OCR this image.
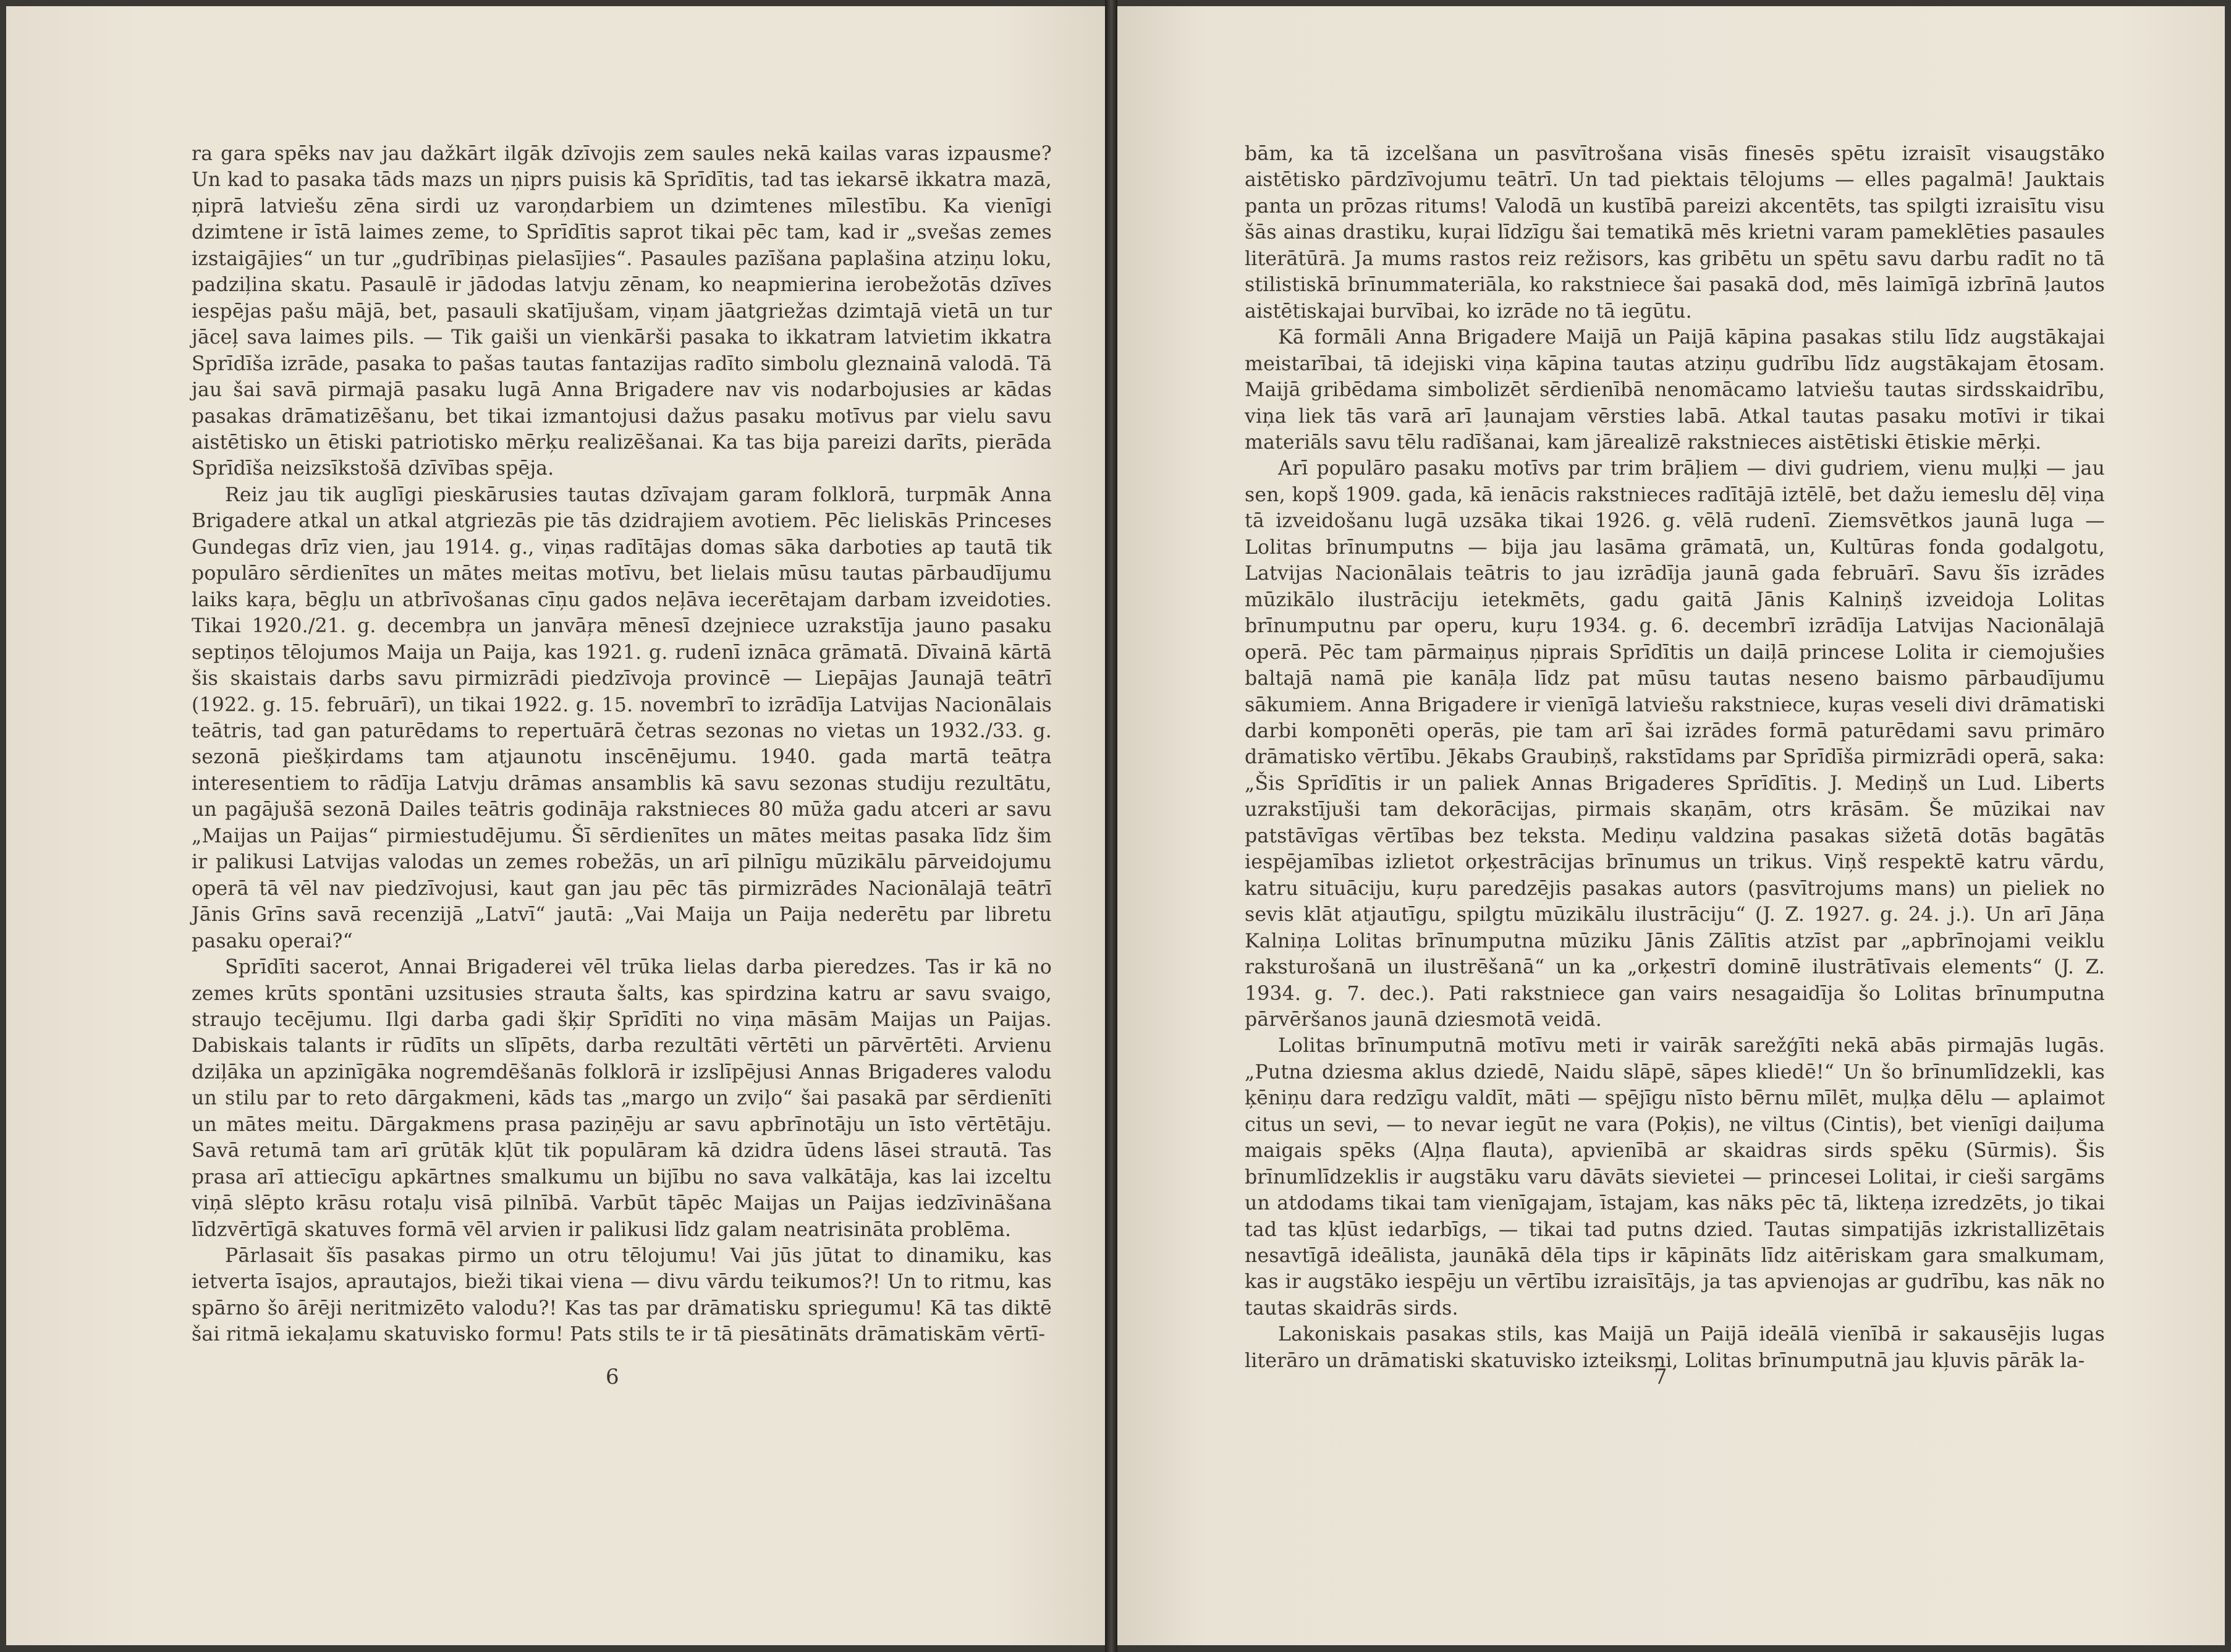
ra gara spēks nav jau dažkārt ilgāk dzīvojis zem saules nekā kailas varas izpausme? Un kad to pasaka tāds mazs un ņiprs puisis kā Sprīdītis, tad tas iekarsē ikkatra mazā, ņiprā latviešu zēna sirdi uz varoņdarbiem un dzimtenes mīlestību. Ka vienīgi dzimtene ir īstā laimes zeme, to Sprīdītis saprot tikai pēc tam, kad ir „svešas zemes izstaigājies“ un tur „gudrībiņas pielasījies“. Pasaules pazīšana paplašina atziņu loku, padziļina skatu. Pasaulē ir jādodas latvju zēnam, ko neapmierina ierobežotās dzīves iespējas pašu mājā, bet, pasauli skatījušam, viņam jāatgriežas dzimtajā vietā un tur jāceļ sava laimes pils. — Tik gaiši un vienkārši pasaka to ikkatram latvietim ikkatra Sprīdīša izrāde, pasaka to pašas tautas fantazijas radīto simbolu gleznainā valodā. Tā jau šai savā pirmajā pasaku lugā Anna Brigadere nav vis nodarbojusies ar kādas pasakas drāmatizēšanu, bet tikai izmantojusi dažus pasaku motīvus par vielu savu aistētisko un ētiski patriotisko mērķu realizēšanai. Ka tas bija pareizi darīts, pierāda Sprīdīša neizsīkstošā dzīvības spēja.

Reiz jau tik auglīgi pieskārusies tautas dzīvajam garam folklorā, turpmāk Anna Brigadere atkal un atkal atgriezās pie tās dzidrajiem avotiem. Pēc lieliskās Princeses Gundegas drīz vien, jau 1914. g., viņas radītājas domas sāka darboties ap tautā tik populāro sērdienītes un mātes meitas motīvu, bet lielais mūsu tautas pārbaudījumu laiks kaŗa, bēgļu un atbrīvošanas cīņu gados neļāva iecerētajam darbam izveidoties. Tikai 1920./21. g. decembŗa un janvāŗa mēnesī dzejniece uzrakstīja jauno pasaku septiņos tēlojumos Maija un Paija, kas 1921. g. rudenī iznāca grāmatā. Dīvainā kārtā šis skaistais darbs savu pirmizrādi piedzīvoja provincē — Liepājas Jaunajā teātrī (1922. g. 15. februārī), un tikai 1922. g. 15. novembrī to izrādīja Latvijas Nacionālais teātris, tad gan paturēdams to repertuārā četras sezonas no vietas un 1932./33. g. sezonā piešķirdams tam atjaunotu inscēnējumu. 1940. gada martā teātŗa interesentiem to rādīja Latvju drāmas ansamblis kā savu sezonas studiju rezultātu, un pagājušā sezonā Dailes teātris godināja rakstnieces 80 mūža gadu atceri ar savu „Maijas un Paijas“ pirmiestudējumu. Šī sērdienītes un mātes meitas pasaka līdz šim ir palikusi Latvijas valodas un zemes robežās, un arī pilnīgu mūzikālu pārveidojumu operā tā vēl nav piedzīvojusi, kaut gan jau pēc tās pirmizrādes Nacionālajā teātrī Jānis Grīns savā recenzijā „Latvī“ jautā: „Vai Maija un Paija nederētu par libretu pasaku operai?“

Sprīdīti sacerot, Annai Brigaderei vēl trūka lielas darba pieredzes. Tas ir kā no zemes krūts spontāni uzsitusies strauta šalts, kas spirdzina katru ar savu svaigo, straujo tecējumu. Ilgi darba gadi šķiŗ Sprīdīti no viņa māsām Maijas un Paijas. Dabiskais talants ir rūdīts un slīpēts, darba rezultāti vērtēti un pārvērtēti. Arvienu dziļāka un apzinīgāka nogremdēšanās folklorā ir izslīpējusi Annas Brigaderes valodu un stilu par to reto dārgakmeni, kāds tas „margo un zviļo“ šai pasakā par sērdienīti un mātes meitu. Dārgakmens prasa paziņēju ar savu apbrīnotāju un īsto vērtētāju. Savā retumā tam arī grūtāk kļūt tik populāram kā dzidra ūdens lāsei strautā. Tas prasa arī attiecīgu apkārtnes smalkumu un bijību no sava valkātāja, kas lai izceltu viņā slēpto krāsu rotaļu visā pilnībā. Varbūt tāpēc Maijas un Paijas iedzīvināšana līdzvērtīgā skatuves formā vēl arvien ir palikusi līdz galam neatrisināta problēma.

Pārlasait šīs pasakas pirmo un otru tēlojumu! Vai jūs jūtat to dinamiku, kas ietverta īsajos, aprautajos, bieži tikai viena — divu vārdu teikumos?! Un to ritmu, kas spārno šo ārēji neritmizēto valodu?! Kas tas par drāmatisku spriegumu! Kā tas diktē šai ritmā iekaļamu skatuvisko formu! Pats stils te ir tā piesātināts drāmatiskām vērtī-

6

bām, ka tā izcelšana un pasvītrošana visās finesēs spētu izraisīt visaugstāko aistētisko pārdzīvojumu teātrī. Un tad piektais tēlojums — elles pagalmā! Jauktais panta un prōzas ritums! Valodā un kustībā pareizi akcentēts, tas spilgti izraisītu visu šās ainas drastiku, kuŗai līdzīgu šai tematikā mēs krietni varam pameklēties pasaules literātūrā. Ja mums rastos reiz režisors, kas gribētu un spētu savu darbu radīt no tā stilistiskā brīnummateriāla, ko rakstniece šai pasakā dod, mēs laimīgā izbrīnā ļautos aistētiskajai burvībai, ko izrāde no tā iegūtu.

Kā formāli Anna Brigadere Maijā un Paijā kāpina pasakas stilu līdz augstākajai meistarībai, tā idejiski viņa kāpina tautas atziņu gudrību līdz augstākajam ētosam. Maijā gribēdama simbolizēt sērdienībā nenomācamo latviešu tautas sirdsskaidrību, viņa liek tās varā arī ļaunajam vērsties labā. Atkal tautas pasaku motīvi ir tikai materiāls savu tēlu radīšanai, kam jārealizē rakstnieces aistētiski ētiskie mērķi.

Arī populāro pasaku motīvs par trim brāļiem — divi gudriem, vienu muļķi — jau sen, kopš 1909. gada, kā ienācis rakstnieces radītājā iztēlē, bet dažu iemeslu dēļ viņa tā izveidošanu lugā uzsāka tikai 1926. g. vēlā rudenī. Ziemsvētkos jaunā luga — Lolitas brīnumputns — bija jau lasāma grāmatā, un, Kultūras fonda godalgotu, Latvijas Nacionālais teātris to jau izrādīja jaunā gada februārī. Savu šīs izrādes mūzikālo ilustrāciju ietekmēts, gadu gaitā Jānis Kalniņš izveidoja Lolitas brīnumputnu par operu, kuŗu 1934. g. 6. decembrī izrādīja Latvijas Nacionālajā operā. Pēc tam pārmaiņus ņiprais Sprīdītis un daiļā princese Lolita ir ciemojušies baltajā namā pie kanāļa līdz pat mūsu tautas neseno baismo pārbaudījumu sākumiem. Anna Brigadere ir vienīgā latviešu rakstniece, kuŗas veseli divi drāmatiski darbi komponēti operās, pie tam arī šai izrādes formā paturēdami savu primāro drāmatisko vērtību. Jēkabs Graubiņš, rakstīdams par Sprīdīša pirmizrādi operā, saka: „Šis Sprīdītis ir un paliek Annas Brigaderes Sprīdītis. J. Mediņš un Lud. Liberts uzrakstījuši tam dekorācijas, pirmais skaņām, otrs krāsām. Še mūzikai nav patstāvīgas vērtības bez teksta. Mediņu valdzina pasakas sižetā dotās bagātās iespējamības izlietot orķestrācijas brīnumus un trikus. Viņš respektē katru vārdu, katru situāciju, kuŗu paredzējis pasakas autors (pasvītrojums mans) un pieliek no sevis klāt atjautīgu, spilgtu mūzikālu ilustrāciju“ (J. Z. 1927. g. 24. j.). Un arī Jāņa Kalniņa Lolitas brīnumputna mūziku Jānis Zālītis atzīst par „apbrīnojami veiklu raksturošanā un ilustrēšanā“ un ka „orķestrī dominē ilustrātīvais elements“ (J. Z. 1934. g. 7. dec.). Pati rakstniece gan vairs nesagaidīja šo Lolitas brīnumputna pārvēršanos jaunā dziesmotā veidā.

Lolitas brīnumputnā motīvu meti ir vairāk sarežģīti nekā abās pirmajās lugās. „Putna dziesma aklus dziedē, Naidu slāpē, sāpes kliedē!“ Un šo brīnumlīdzekli, kas ķēniņu dara redzīgu valdīt, māti — spējīgu nīsto bērnu mīlēt, muļķa dēlu — aplaimot citus un sevi, — to nevar iegūt ne vara (Poķis), ne viltus (Cintis), bet vienīgi daiļuma maigais spēks (Aļņa flauta), apvienībā ar skaidras sirds spēku (Sūrmis). Šis brīnumlīdzeklis ir augstāku varu dāvāts sievietei — princesei Lolitai, ir cieši sargāms un atdodams tikai tam vienīgajam, īstajam, kas nāks pēc tā, likteņa izredzēts, jo tikai tad tas kļūst iedarbīgs, — tikai tad putns dzied. Tautas simpatijās izkristallizētais nesavtīgā ideālista, jaunākā dēla tips ir kāpināts līdz aitēriskam gara smalkumam, kas ir augstāko iespēju un vērtību izraisītājs, ja tas apvienojas ar gudrību, kas nāk no tautas skaidrās sirds.

Lakoniskais pasakas stils, kas Maijā un Paijā ideālā vienībā ir sakausējis lugas literāro un drāmatiski skatuvisko izteiksmi, Lolitas brīnumputnā jau kļuvis pārāk la-

7
